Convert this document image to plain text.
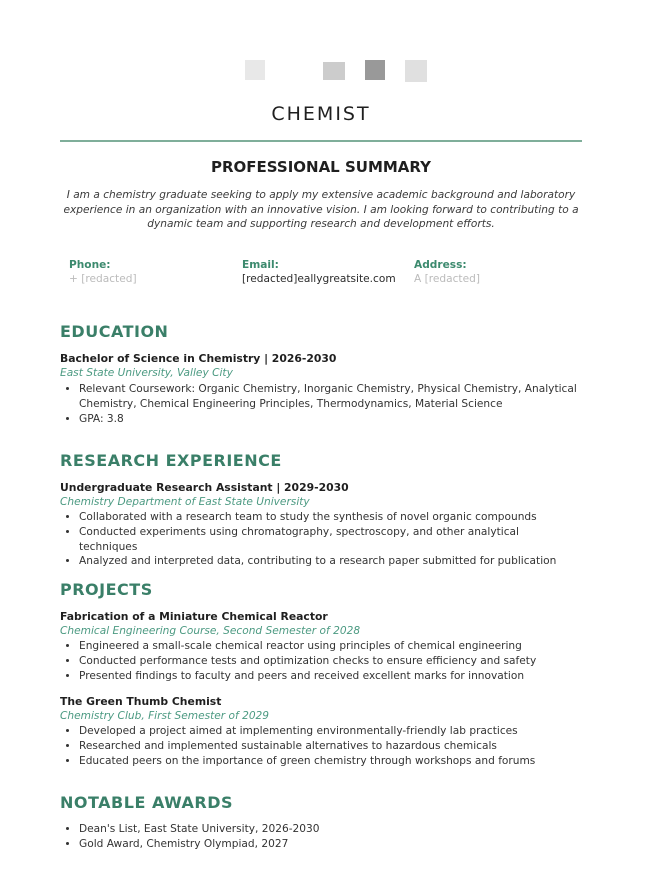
CHEMIST
PROFESSIONAL SUMMARY
I am a chemistry graduate seeking to apply my extensive academic background and laboratory experience in an organization with an innovative vision. I am looking forward to contributing to a dynamic team and supporting research and development efforts.
Phone:
+ [redacted]
Email:
[redacted]eallygreatsite.com
Address:
A [redacted]
EDUCATION
Bachelor of Science in Chemistry | 2026-2030
East State University, Valley City
• Relevant Coursework: Organic Chemistry, Inorganic Chemistry, Physical Chemistry, Analytical Chemistry, Chemical Engineering Principles, Thermodynamics, Material Science
• GPA: 3.8
RESEARCH EXPERIENCE
Undergraduate Research Assistant | 2029-2030
Chemistry Department of East State University
• Collaborated with a research team to study the synthesis of novel organic compounds
• Conducted experiments using chromatography, spectroscopy, and other analytical techniques
• Analyzed and interpreted data, contributing to a research paper submitted for publication
PROJECTS
Fabrication of a Miniature Chemical Reactor
Chemical Engineering Course, Second Semester of 2028
• Engineered a small-scale chemical reactor using principles of chemical engineering
• Conducted performance tests and optimization checks to ensure efficiency and safety
• Presented findings to faculty and peers and received excellent marks for innovation
The Green Thumb Chemist
Chemistry Club, First Semester of 2029
• Developed a project aimed at implementing environmentally-friendly lab practices
• Researched and implemented sustainable alternatives to hazardous chemicals
• Educated peers on the importance of green chemistry through workshops and forums
NOTABLE AWARDS
• Dean's List, East State University, 2026-2030
• Gold Award, Chemistry Olympiad, 2027
